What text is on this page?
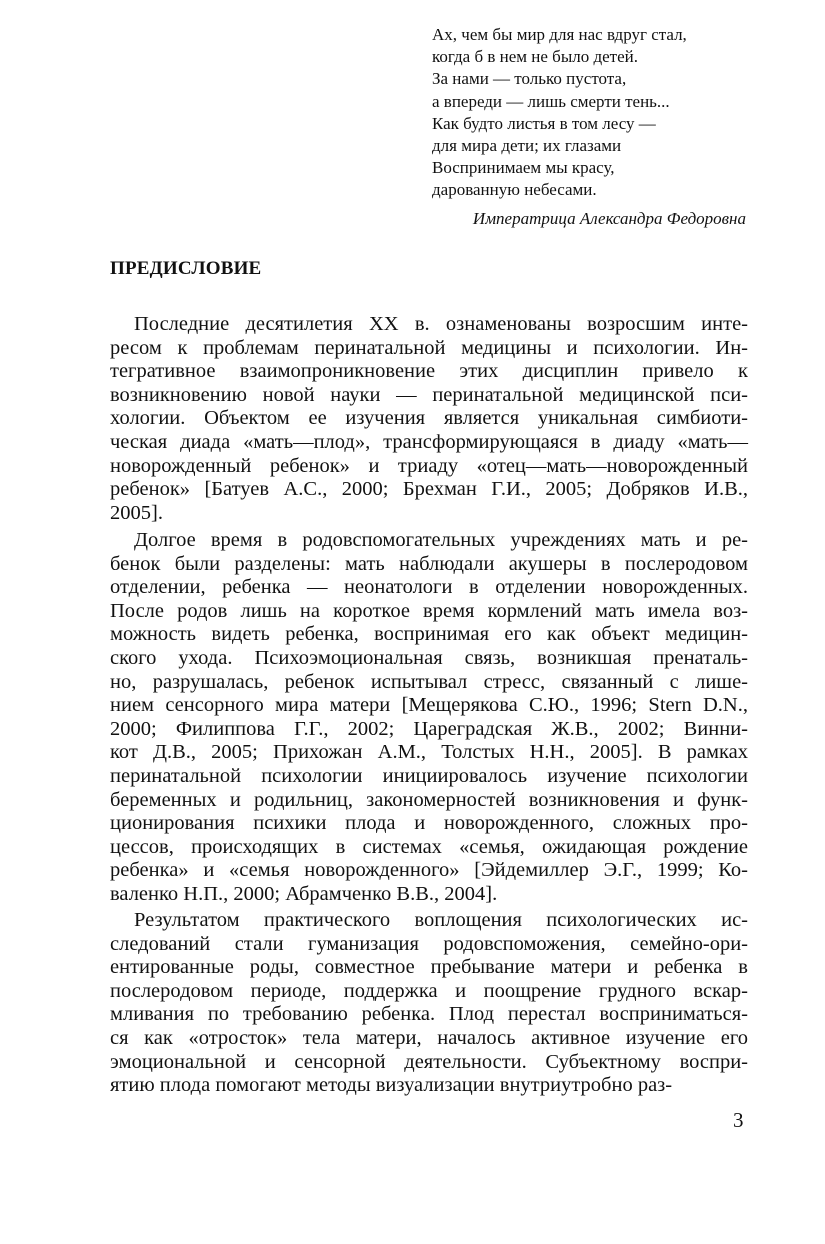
Ах, чем бы мир для нас вдруг стал,
когда б в нем не было детей.
За нами — только пустота,
а впереди — лишь смерти тень...
Как будто листья в том лесу —
для мира дети; их глазами
Воспринимаем мы красу,
дарованную небесами.
Императрица Александра Федоровна
ПРЕДИСЛОВИЕ
Последние десятилетия XX в. ознаменованы возросшим инте-
ресом к проблемам перинатальной медицины и психологии. Ин-
тегративное взаимопроникновение этих дисциплин привело к
возникновению новой науки — перинатальной медицинской пси-
хологии. Объектом ее изучения является уникальная симбиоти-
ческая диада «мать—плод», трансформирующаяся в диаду «мать—
новорожденный ребенок» и триаду «отец—мать—новорожденный
ребенок» [Батуев А.С., 2000; Брехман Г.И., 2005; Добряков И.В.,
2005].
Долгое время в родовспомогательных учреждениях мать и ре-
бенок были разделены: мать наблюдали акушеры в послеродовом
отделении, ребенка — неонатологи в отделении новорожденных.
После родов лишь на короткое время кормлений мать имела воз-
можность видеть ребенка, воспринимая его как объект медицин-
ского ухода. Психоэмоциональная связь, возникшая пренаталь-
но, разрушалась, ребенок испытывал стресс, связанный с лише-
нием сенсорного мира матери [Мещерякова С.Ю., 1996; Stern D.N.,
2000; Филиппова Г.Г., 2002; Цареградская Ж.В., 2002; Винни-
кот Д.В., 2005; Прихожан А.М., Толстых Н.Н., 2005]. В рамках
перинатальной психологии инициировалось изучение психологии
беременных и родильниц, закономерностей возникновения и функ-
ционирования психики плода и новорожденного, сложных про-
цессов, происходящих в системах «семья, ожидающая рождение
ребенка» и «семья новорожденного» [Эйдемиллер Э.Г., 1999; Ко-
валенко Н.П., 2000; Абрамченко В.В., 2004].
Результатом практического воплощения психологических ис-
следований стали гуманизация родовспоможения, семейно-ори-
ентированные роды, совместное пребывание матери и ребенка в
послеродовом периоде, поддержка и поощрение грудного вскар-
мливания по требованию ребенка. Плод перестал восприниматься-
ся как «отросток» тела матери, началось активное изучение его
эмоциональной и сенсорной деятельности. Субъектному воспри-
ятию плода помогают методы визуализации внутриутробно раз-
3
